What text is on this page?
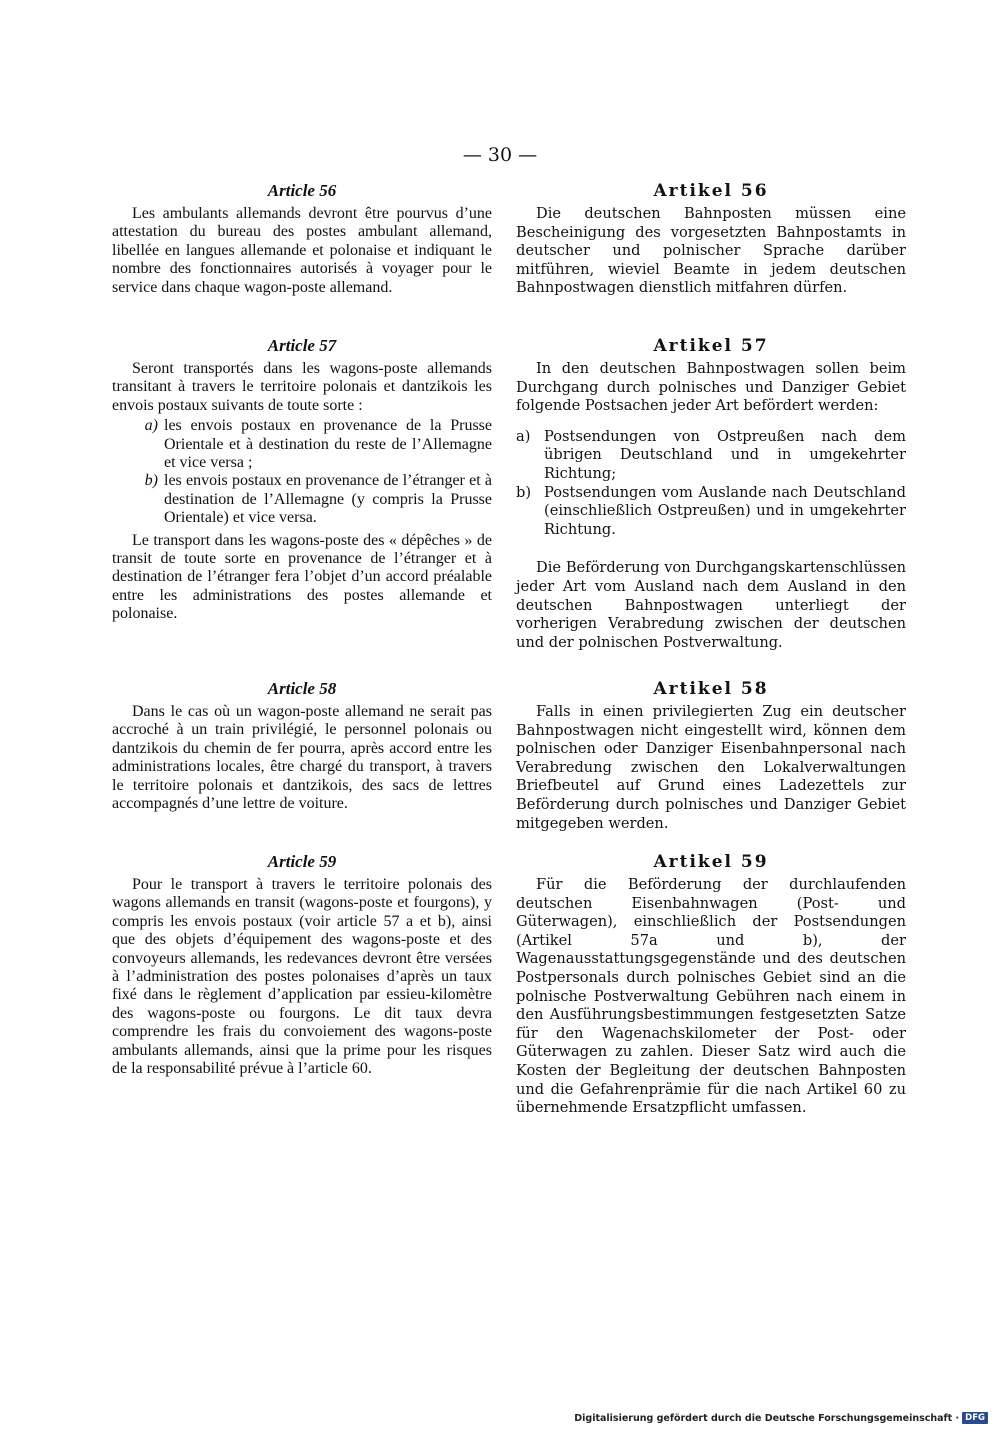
— 30 —
Article 56

Les ambulants allemands devront être pourvus d’une attestation du bureau des postes ambulant allemand, libellée en langues allemande et polonaise et indiquant le nombre des fonctionnaires autorisés à voyager pour le service dans chaque wagon-poste allemand.

Article 57

Seront transportés dans les wagons-poste allemands transitant à travers le territoire polonais et dantzikois les envois postaux suivants de toute sorte :

a) les envois postaux en provenance de la Prusse Orientale et à destination du reste de l’Allemagne et vice versa ;
b) les envois postaux en provenance de l’étranger et à destination de l’Allemagne (y compris la Prusse Orientale) et vice versa.

Le transport dans les wagons-poste des « dépêches » de transit de toute sorte en provenance de l’étranger et à destination de l’étranger fera l’objet d’un accord préalable entre les administrations des postes allemande et polonaise.

Article 58

Dans le cas où un wagon-poste allemand ne serait pas accroché à un train privilégié, le personnel polonais ou dantzikois du chemin de fer pourra, après accord entre les administrations locales, être chargé du transport, à travers le territoire polonais et dantzikois, des sacs de lettres accompagnés d’une lettre de voiture.

Article 59

Pour le transport à travers le territoire polonais des wagons allemands en transit (wagons-poste et fourgons), y compris les envois postaux (voir article 57 a et b), ainsi que des objets d’équipement des wagons-poste et des convoyeurs allemands, les redevances devront être versées à l’administration des postes polonaises d’après un taux fixé dans le règlement d’application par essieu-kilomètre des wagons-poste ou fourgons. Le dit taux devra comprendre les frais du convoiement des wagons-poste ambulants allemands, ainsi que la prime pour les risques de la responsabilité prévue à l’article 60.

Artikel 56

Die deutschen Bahnposten müssen eine Bescheinigung des vorgesetzten Bahnpostamts in deutscher und polnischer Sprache darüber mitführen, wieviel Beamte in jedem deutschen Bahnpostwagen dienstlich mitfahren dürfen.

Artikel 57

In den deutschen Bahnpostwagen sollen beim Durchgang durch polnisches und Danziger Gebiet folgende Postsachen jeder Art befördert werden:

a) Postsendungen von Ostpreußen nach dem übrigen Deutschland und in umgekehrter Richtung;
b) Postsendungen vom Auslande nach Deutschland (einschließlich Ostpreußen) und in umgekehrter Richtung.

Die Beförderung von Durchgangskartenschlüssen jeder Art vom Ausland nach dem Ausland in den deutschen Bahnpostwagen unterliegt der vorherigen Verabredung zwischen der deutschen und der polnischen Postverwaltung.

Artikel 58

Falls in einen privilegierten Zug ein deutscher Bahnpostwagen nicht eingestellt wird, können dem polnischen oder Danziger Eisenbahnpersonal nach Verabredung zwischen den Lokalverwaltungen Briefbeutel auf Grund eines Ladezettels zur Beförderung durch polnisches und Danziger Gebiet mitgegeben werden.

Artikel 59

Für die Beförderung der durchlaufenden deutschen Eisenbahnwagen (Post- und Güterwagen), einschließlich der Postsendungen (Artikel 57a und b), der Wagenausstattungsgegenstände und des deutschen Postpersonals durch polnisches Gebiet sind an die polnische Postverwaltung Gebühren nach einem in den Ausführungsbestimmungen festgesetzten Satze für den Wagenachskilometer der Post- oder Güterwagen zu zahlen. Dieser Satz wird auch die Kosten der Begleitung der deutschen Bahnposten und die Gefahrenprämie für die nach Artikel 60 zu übernehmende Ersatzpflicht umfassen.

Digitalisierung gefördert durch die Deutsche Forschungsgemeinschaft · DFG
